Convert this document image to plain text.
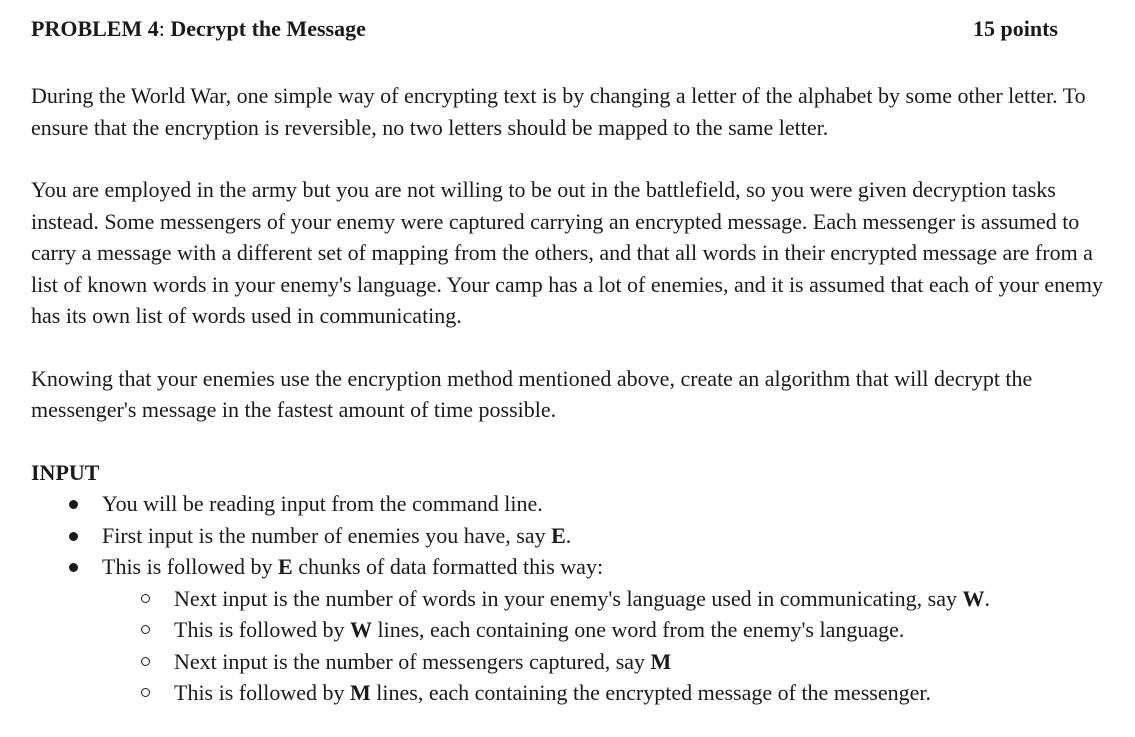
PROBLEM 4: Decrypt the Message	15 points

During the World War, one simple way of encrypting text is by changing a letter of the alphabet by some other letter. To ensure that the encryption is reversible, no two letters should be mapped to the same letter.

You are employed in the army but you are not willing to be out in the battlefield, so you were given decryption tasks instead. Some messengers of your enemy were captured carrying an encrypted message. Each messenger is assumed to carry a message with a different set of mapping from the others, and that all words in their encrypted message are from a list of known words in your enemy's language. Your camp has a lot of enemies, and it is assumed that each of your enemy has its own list of words used in communicating.

Knowing that your enemies use the encryption method mentioned above, create an algorithm that will decrypt the messenger's message in the fastest amount of time possible.

INPUT
You will be reading input from the command line.
First input is the number of enemies you have, say E.
This is followed by E chunks of data formatted this way:
Next input is the number of words in your enemy's language used in communicating, say W.
This is followed by W lines, each containing one word from the enemy's language.
Next input is the number of messengers captured, say M
This is followed by M lines, each containing the encrypted message of the messenger.
